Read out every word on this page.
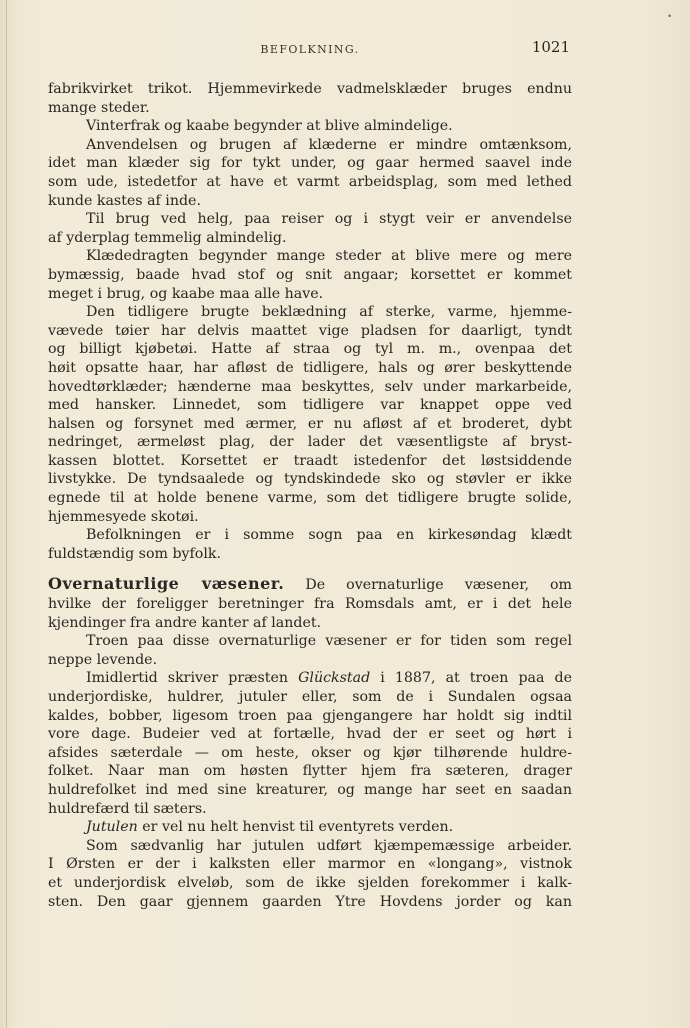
BEFOLKNING.	1021
•
fabrikvirket trikot. Hjemmevirkede vadmelsklæder bruges endnu
mange steder.
Vinterfrak og kaabe begynder at blive almindelige.
Anvendelsen og brugen af klæderne er mindre omtænksom,
idet man klæder sig for tykt under, og gaar hermed saavel inde
som ude, istedetfor at have et varmt arbeidsplag, som med lethed
kunde kastes af inde.
Til brug ved helg, paa reiser og i stygt veir er anvendelse
af yderplag temmelig almindelig.
Klædedragten begynder mange steder at blive mere og mere
bymæssig, baade hvad stof og snit angaar; korsettet er kommet
meget i brug, og kaabe maa alle have.
Den tidligere brugte beklædning af sterke, varme, hjemme-
vævede tøier har delvis maattet vige pladsen for daarligt, tyndt
og billigt kjøbetøi. Hatte af straa og tyl m. m., ovenpaa det
høit opsatte haar, har afløst de tidligere, hals og ører beskyttende
hovedtørklæder; hænderne maa beskyttes, selv under markarbeide,
med hansker. Linnedet, som tidligere var knappet oppe ved
halsen og forsynet med ærmer, er nu afløst af et broderet, dybt
nedringet, ærmeløst plag, der lader det væsentligste af bryst-
kassen blottet. Korsettet er traadt istedenfor det løstsiddende
livstykke. De tyndsaalede og tyndskindede sko og støvler er ikke
egnede til at holde benene varme, som det tidligere brugte solide,
hjemmesyede skotøi.
Befolkningen er i somme sogn paa en kirkesøndag klædt
fuldstændig som byfolk.
Overnaturlige væsener. De overnaturlige væsener, om
hvilke der foreligger beretninger fra Romsdals amt, er i det hele
kjendinger fra andre kanter af landet.
Troen paa disse overnaturlige væsener er for tiden som regel
neppe levende.
Imidlertid skriver præsten Glückstad i 1887, at troen paa de
underjordiske, huldrer, jutuler eller, som de i Sundalen ogsaa
kaldes, bobber, ligesom troen paa gjengangere har holdt sig indtil
vore dage. Budeier ved at fortælle, hvad der er seet og hørt i
afsides sæterdale — om heste, okser og kjør tilhørende huldre-
folket. Naar man om høsten flytter hjem fra sæteren, drager
huldrefolket ind med sine kreaturer, og mange har seet en saadan
huldrefærd til sæters.
Jutulen er vel nu helt henvist til eventyrets verden.
Som sædvanlig har jutulen udført kjæmpemæssige arbeider.
I Ørsten er der i kalksten eller marmor en «longang», vistnok
et underjordisk elveløb, som de ikke sjelden forekommer i kalk-
sten. Den gaar gjennem gaarden Ytre Hovdens jorder og kan
